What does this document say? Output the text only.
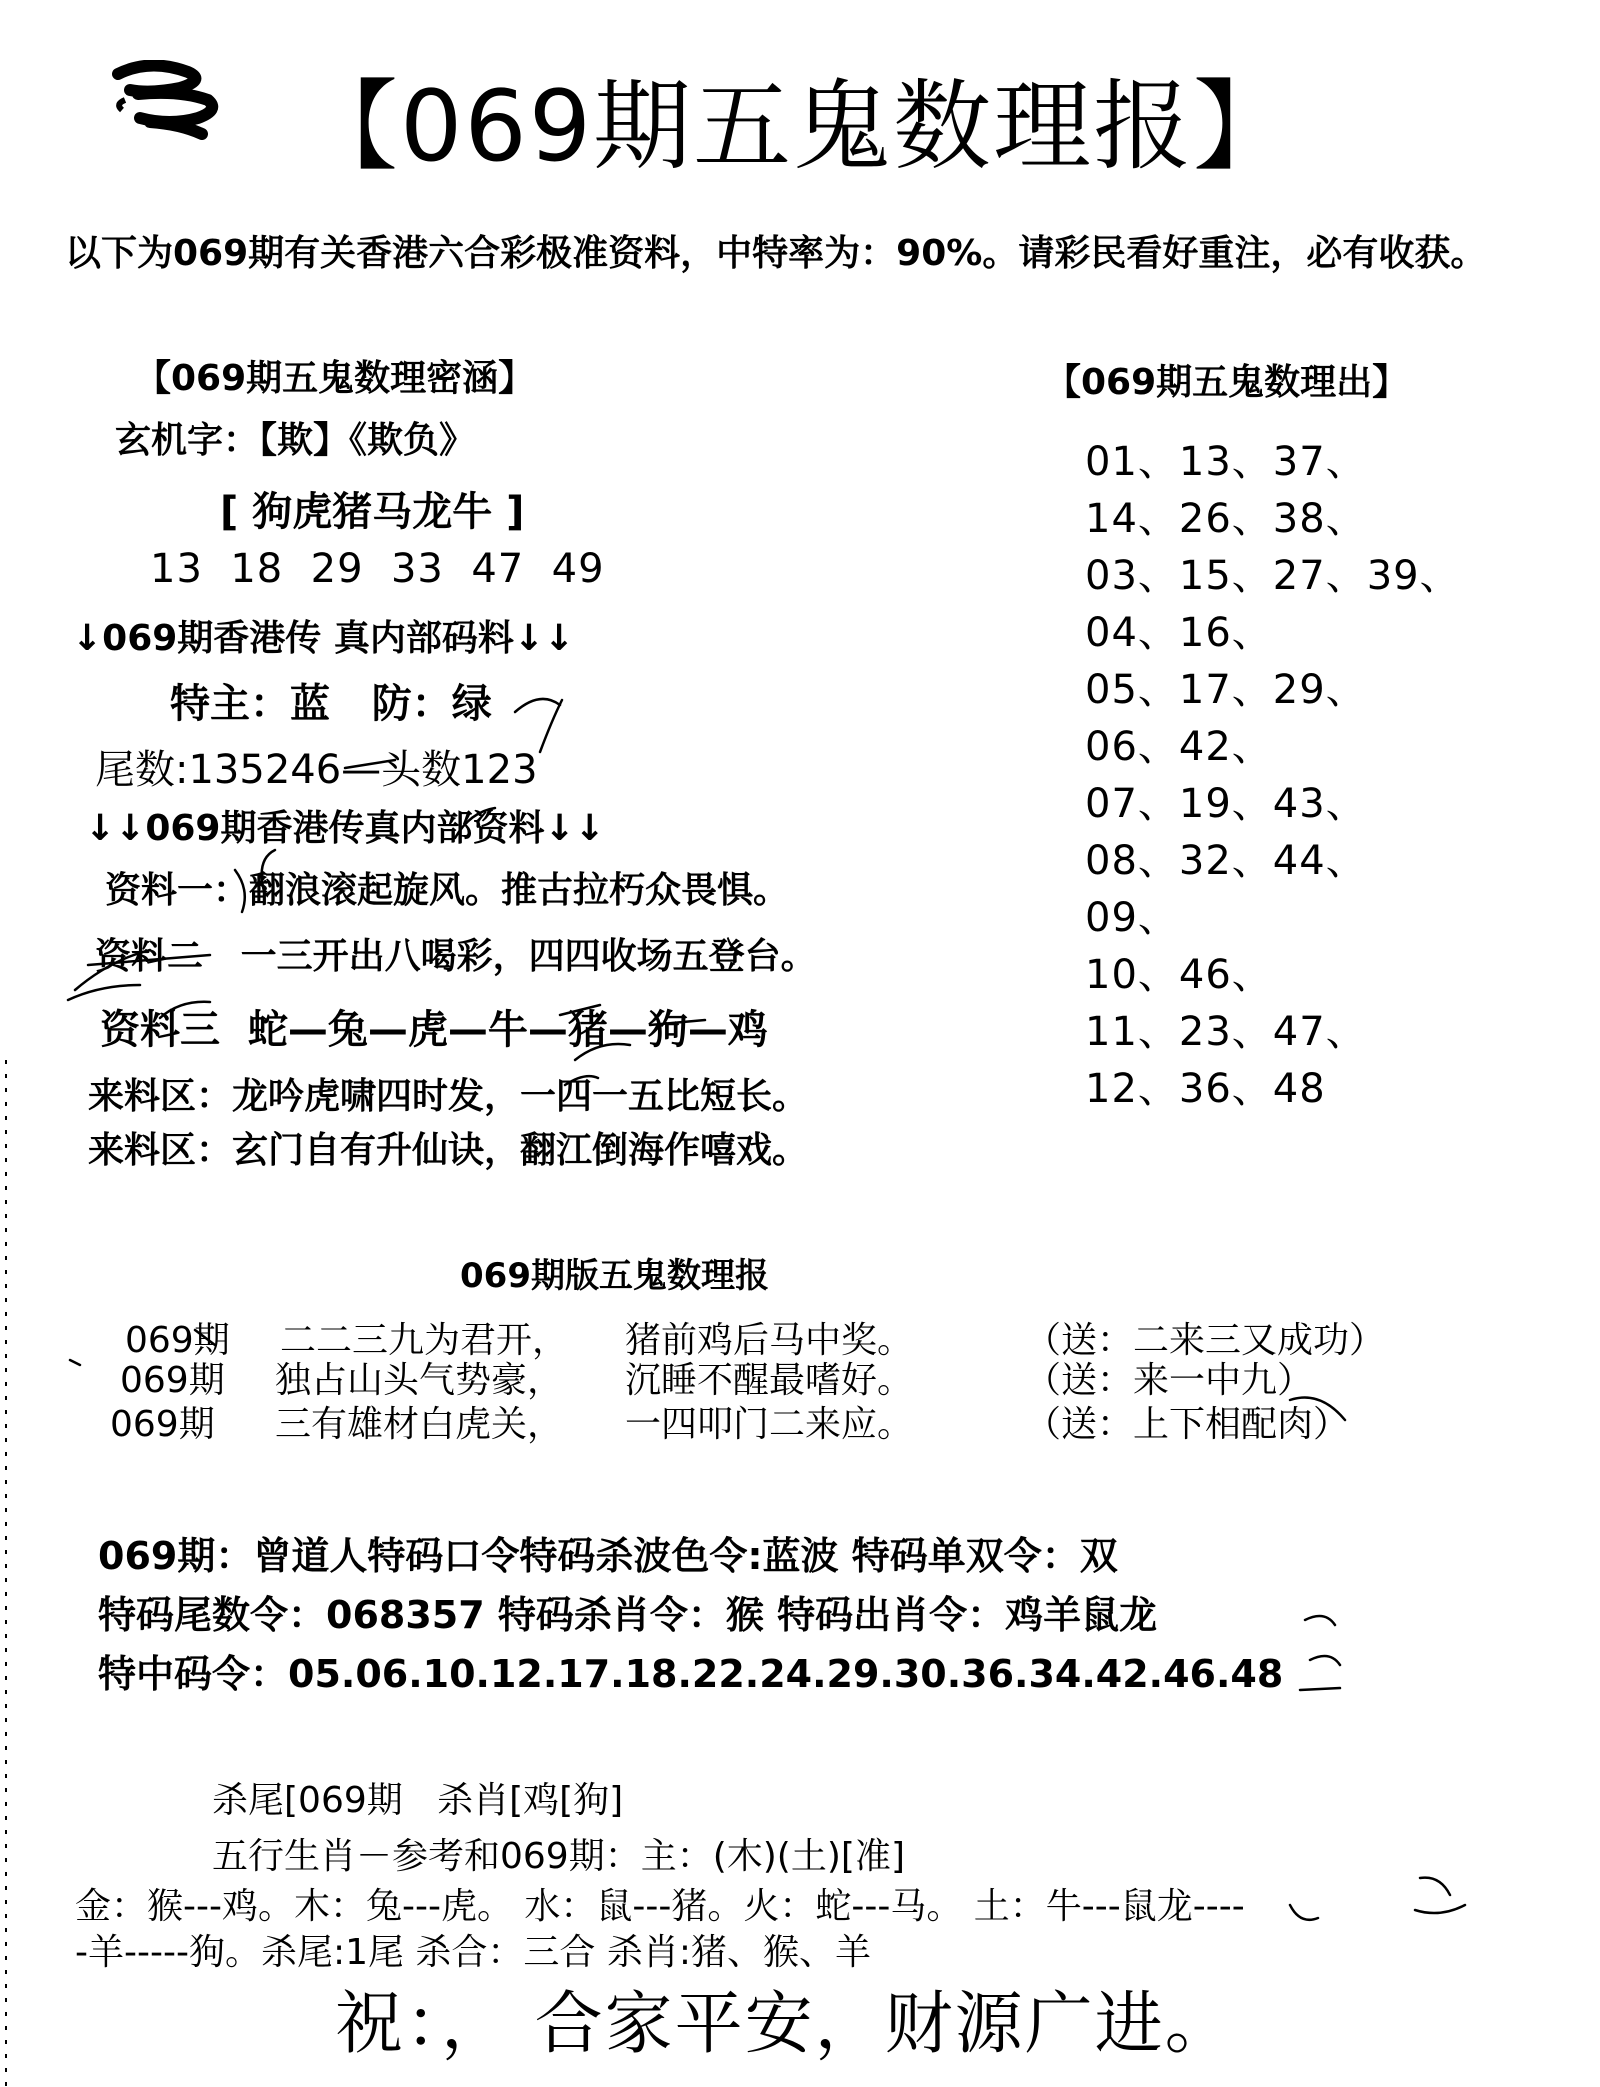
【069期五鬼数理报】
以下为069期有关香港六合彩极准资料，中特率为：90%。请彩民看好重注，必有收获。
【069期五鬼数理密涵】
玄机字：【欺】《欺负》
[ 狗虎猪马龙牛 ]
13  18  29  33  47  49
↓069期香港传 真内部码料↓↓
特主：蓝   防：绿
尾数:135246—头数123
↓↓069期香港传真内部资料↓↓
资料一：翻浪滚起旋风。推古拉朽众畏惧。
资料二   一三开出八喝彩，四四收场五登台。
资料三  蛇—兔—虎—牛—猪—狗—鸡
来料区：龙吟虎啸四时发，一四一五比短长。
来料区：玄门自有升仙诀，翻江倒海作嘻戏。
【069期五鬼数理出】
01、13、37、
14、26、38、
03、15、27、39、
04、16、
05、17、29、
06、42、
07、19、43、
08、32、44、
09、
10、46、
11、23、47、
12、36、48
069期版五鬼数理报
069期 二二三九为君开， 猪前鸡后马中奖。	（送：二来三又成功）
069期 独占山头气势豪， 沉睡不醒最嗜好。	（送：来一中九）
069期 三有雄材白虎关， 一四叩门二来应。	（送：上下相配肉）
069期：曾道人特码口令特码杀波色令:蓝波 特码单双令：双
特码尾数令：068357 特码杀肖令：猴 特码出肖令：鸡羊鼠龙
特中码令：05.06.10.12.17.18.22.24.29.30.36.34.42.46.48
杀尾[069期   杀肖[鸡[狗]
五行生肖－参考和069期：主：(木)(土)[准]
金：猴---鸡。木：兔---虎。 水：鼠---猪。火：蛇---马。 土：牛---鼠龙----
-羊-----狗。杀尾:1尾 杀合：三合 杀肖:猪、猴、羊
祝：， 合家平安，财源广进。
